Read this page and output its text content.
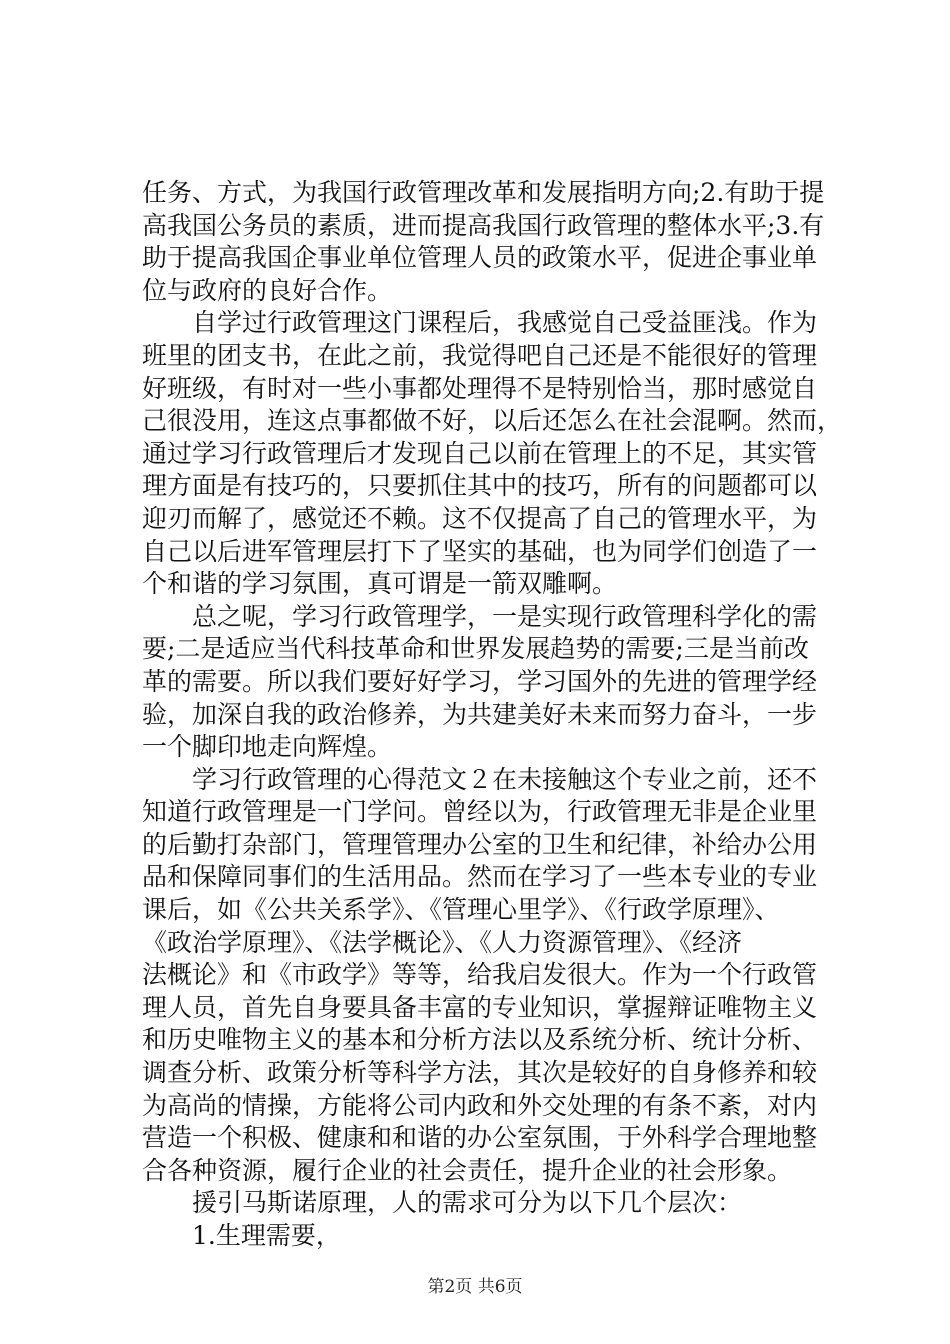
任务、方式，为我国行政管理改革和发展指明方向;2.有助于提
高我国公务员的素质，进而提高我国行政管理的整体水平;3.有
助于提高我国企事业单位管理人员的政策水平，促进企事业单
位与政府的良好合作。
　　自学过行政管理这门课程后，我感觉自己受益匪浅。作为
班里的团支书，在此之前，我觉得吧自己还是不能很好的管理
好班级，有时对一些小事都处理得不是特别恰当，那时感觉自
己很没用，连这点事都做不好，以后还怎么在社会混啊。然而，
通过学习行政管理后才发现自己以前在管理上的不足，其实管
理方面是有技巧的，只要抓住其中的技巧，所有的问题都可以
迎刃而解了，感觉还不赖。这不仅提高了自己的管理水平，为
自己以后进军管理层打下了坚实的基础，也为同学们创造了一
个和谐的学习氛围，真可谓是一箭双雕啊。
　　总之呢，学习行政管理学，一是实现行政管理科学化的需
要;二是适应当代科技革命和世界发展趋势的需要;三是当前改
革的需要。所以我们要好好学习，学习国外的先进的管理学经
验，加深自我的政治修养，为共建美好未来而努力奋斗，一步
一个脚印地走向辉煌。
　　学习行政管理的心得范文２在未接触这个专业之前，还不
知道行政管理是一门学问。曾经以为，行政管理无非是企业里
的后勤打杂部门，管理管理办公室的卫生和纪律，补给办公用
品和保障同事们的生活用品。然而在学习了一些本专业的专业
课后，如《公共关系学》、《管理心里学》、《行政学原理》、
《政治学原理》、《法学概论》、《人力资源管理》、《经济
法概论》和《市政学》等等，给我启发很大。作为一个行政管
理人员，首先自身要具备丰富的专业知识，掌握辩证唯物主义
和历史唯物主义的基本和分析方法以及系统分析、统计分析、
调查分析、政策分析等科学方法，其次是较好的自身修养和较
为高尚的情操，方能将公司内政和外交处理的有条不紊，对内
营造一个积极、健康和和谐的办公室氛围，于外科学合理地整
合各种资源，履行企业的社会责任，提升企业的社会形象。
　　援引马斯诺原理，人的需求可分为以下几个层次：
　　1.生理需要，
第2页 共6页
